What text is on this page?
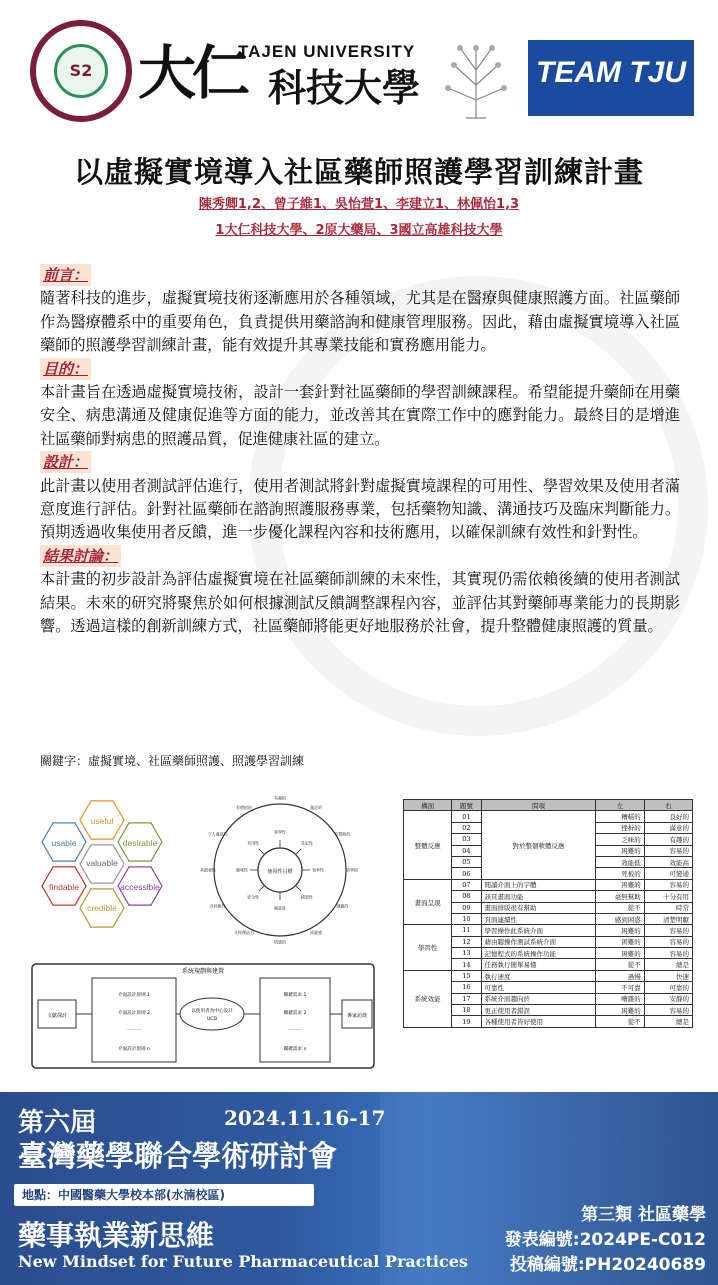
S2 大仁 科技大學
TAJEN UNIVERSITY
TEAM TJU
以虛擬實境導入社區藥師照護學習訓練計畫
陳秀卿1,2、曾子維1、吳怡萱1、李建立1、林佩怡1,3
1大仁科技大學、2原大藥局、3國立高雄科技大學
前言：
隨著科技的進步，虛擬實境技術逐漸應用於各種領域，尤其是在醫療與健康照護方面。社區藥師作為醫療體系中的重要角色，負責提供用藥諮詢和健康管理服務。因此，藉由虛擬實境導入社區藥師的照護學習訓練計畫，能有效提升其專業技能和實務應用能力。
目的：
本計畫旨在透過虛擬實境技術，設計一套針對社區藥師的學習訓練課程。希望能提升藥師在用藥安全、病患溝通及健康促進等方面的能力，並改善其在實際工作中的應對能力。最終目的是增進社區藥師對病患的照護品質，促進健康社區的建立。
設計：
此計畫以使用者測試評估進行，使用者測試將針對虛擬實境課程的可用性、學習效果及使用者滿意度進行評估。針對社區藥師在諮詢照護服務專業，包括藥物知識、溝通技巧及臨床判斷能力。預期透過收集使用者反饋，進一步優化課程內容和技術應用，以確保訓練有效性和針對性。
結果討論：
本計畫的初步設計為評估虛擬實境在社區藥師訓練的未來性，其實現仍需依賴後續的使用者測試結果。未來的研究將聚焦於如何根據測試反饋調整課程內容，並評估其對藥師專業能力的長期影響。透過這樣的創新訓練方式，社區藥師將能更好地服務於社會，提升整體健康照護的質量。
關鍵字：虛擬實境、社區藥師照護、照護學習訓練
useful
usable	desirable
valuable
findable	accessible
credible
使用性目標
易學性
易記性
效率性
錯誤性
滿意度
安全性
趣味性
有用性
有趣的
滿足的
有幫助的
美學的
激勵的
成就感
情感的
支持創造力
具回報性
具啟發性
令人滿意的
有價值的
系統規劃與建置
文獻探討
介面設計原則 1
介面設計原則 2
………
介面設計原則 n
以使用者為中心設計
UCD
關鍵需求 1
關鍵需求 2
………
關鍵需求 n
專家訪談
構面	題號	問項	左	右
整體反應	01	對於整個軟體反應	糟糕的	良好的
	02		挫折的	滿意的
	03		乏味的	有趣的
	04		困難的	容易的
	05		效能低	效能高
	06		死板的	可變通
畫面呈現	07	閱讀介面上的字體	困難的	容易的
	08	該頁畫面功能	毫無幫助	十分有用
	09	畫面排版很有幫助	從不	時常
	10	頁面連續性	感到困惑	清楚明瞭
學習性	11	學習操作此系統介面	困難的	容易的
	12	藉由聽操作測試系統介面	困難的	容易的
	13	記憶程式的系統操作功能	困難的	容易的
	14	任務執行簡單易懂	從不	總是
系統效能	15	執行速度	過慢	快速
	16	可靠性	不可靠	可靠的
	17	系統介面趨向於	嘈雜的	安靜的
	18	更正使用者錯誤	困難的	容易的
	19	各種使用者皆好使用	從不	總是
第六屆	2024.11.16-17
臺灣藥學聯合學術研討會
地點：中國醫藥大學校本部(水湳校區)
藥事執業新思維
New Mindset for Future Pharmaceutical Practices
第三類 社區藥學
發表編號:2024PE-C012
投稿編號:PH20240689
